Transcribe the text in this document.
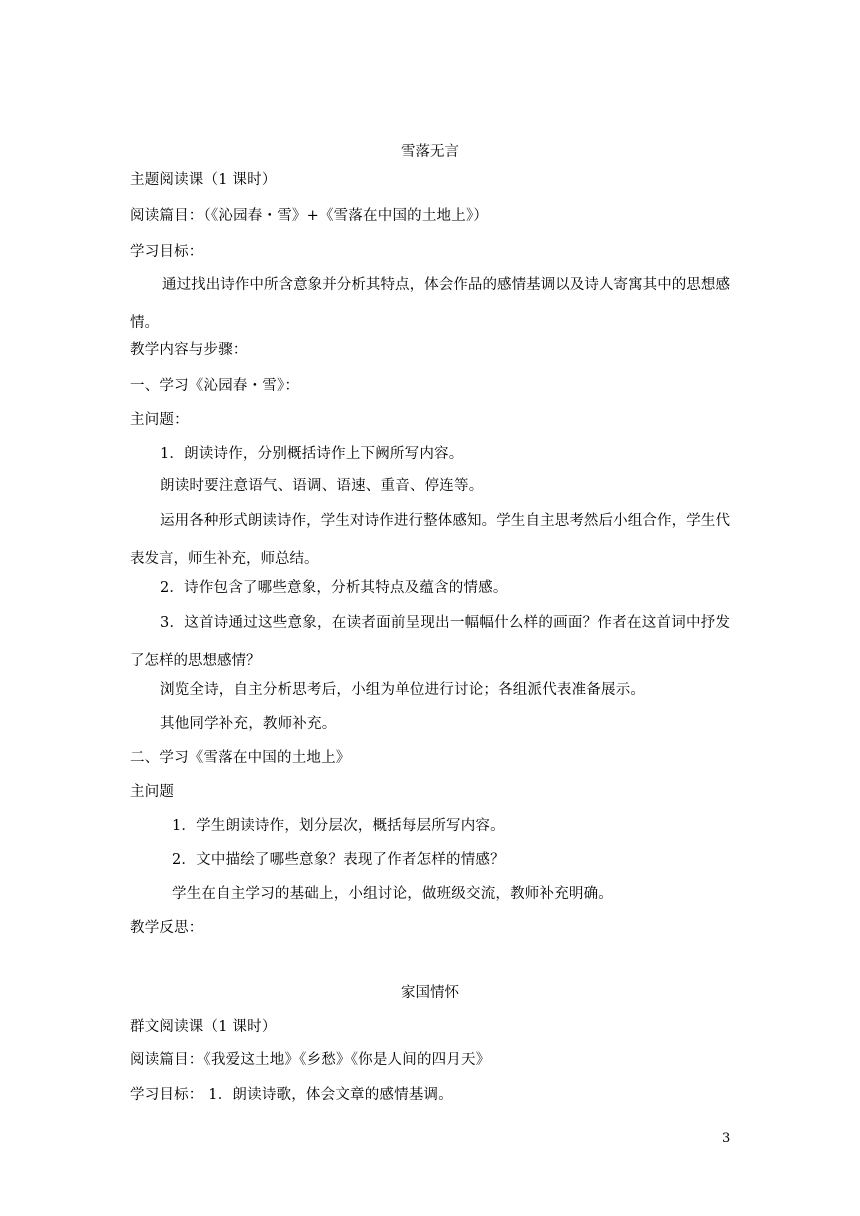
雪落无言
主题阅读课（1 课时）
阅读篇目：（《沁园春・雪》+《雪落在中国的土地上》）
学习目标：
通过找出诗作中所含意象并分析其特点，体会作品的感情基调以及诗人寄寓其中的思想感情。
教学内容与步骤：
一、学习《沁园春・雪》：
主问题：
1．朗读诗作，分别概括诗作上下阙所写内容。
朗读时要注意语气、语调、语速、重音、停连等。
运用各种形式朗读诗作，学生对诗作进行整体感知。学生自主思考然后小组合作，学生代表发言，师生补充，师总结。
2．诗作包含了哪些意象，分析其特点及蕴含的情感。
3．这首诗通过这些意象，在读者面前呈现出一幅幅什么样的画面？作者在这首词中抒发了怎样的思想感情？
浏览全诗，自主分析思考后，小组为单位进行讨论；各组派代表准备展示。
其他同学补充，教师补充。
二、学习《雪落在中国的土地上》
主问题
1．学生朗读诗作，划分层次，概括每层所写内容。
2．文中描绘了哪些意象？表现了作者怎样的情感？
学生在自主学习的基础上，小组讨论，做班级交流，教师补充明确。
教学反思：
家国情怀
群文阅读课（1 课时）
阅读篇目：《我爱这土地》《乡愁》《你是人间的四月天》
学习目标： 1．朗读诗歌，体会文章的感情基调。
3
